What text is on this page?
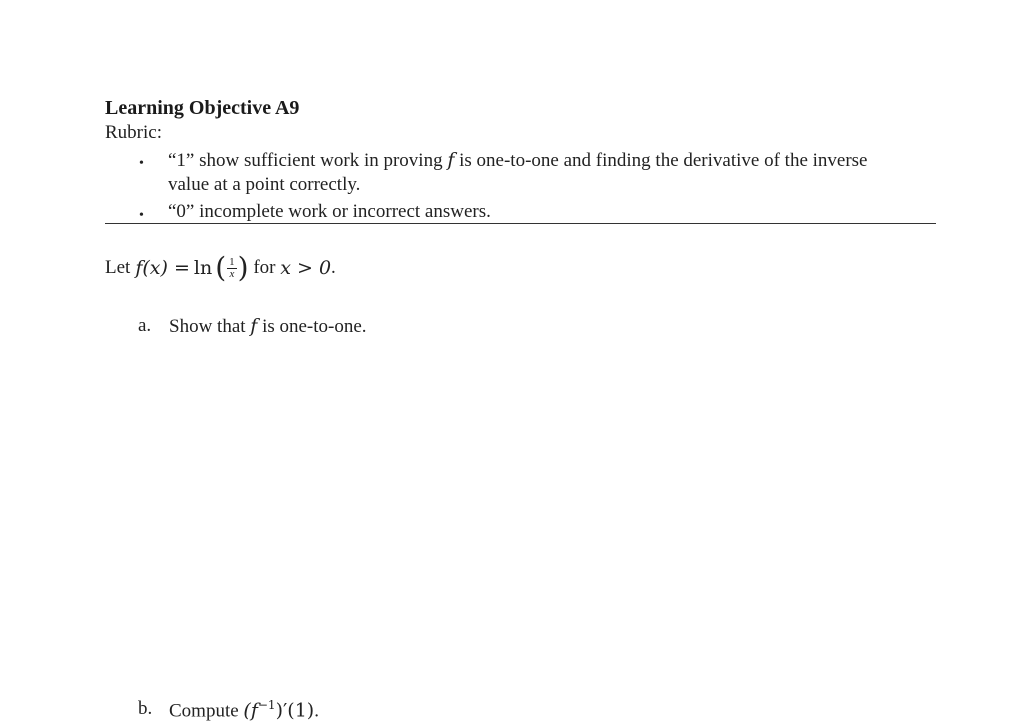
Learning Objective A9
Rubric:
• “1” show sufficient work in proving f is one-to-one and finding the derivative of the inverse
value at a point correctly.
• “0” incomplete work or incorrect answers.
Let f(x) = ln ( $\frac{1}{x}$ ) for x > 0 .
a. Show that f is one-to-one.
b. Compute $(f^{-1})'(1)$.
